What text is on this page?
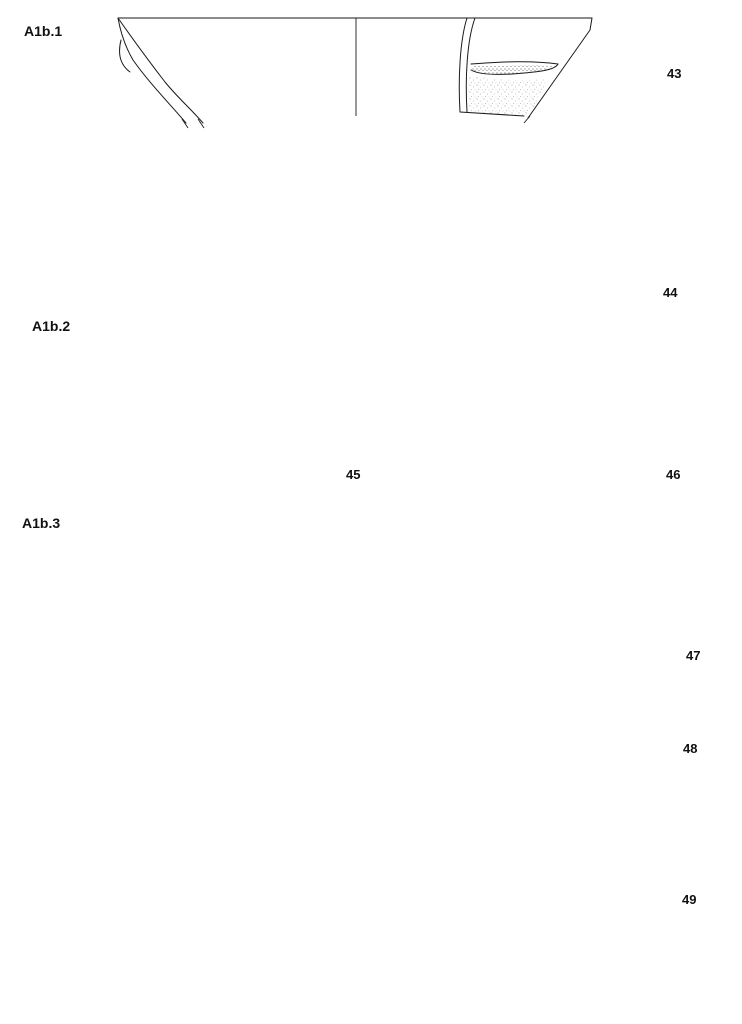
A1b.1
A1b.2
A1b.3
43
44
45	46
47
48
49
